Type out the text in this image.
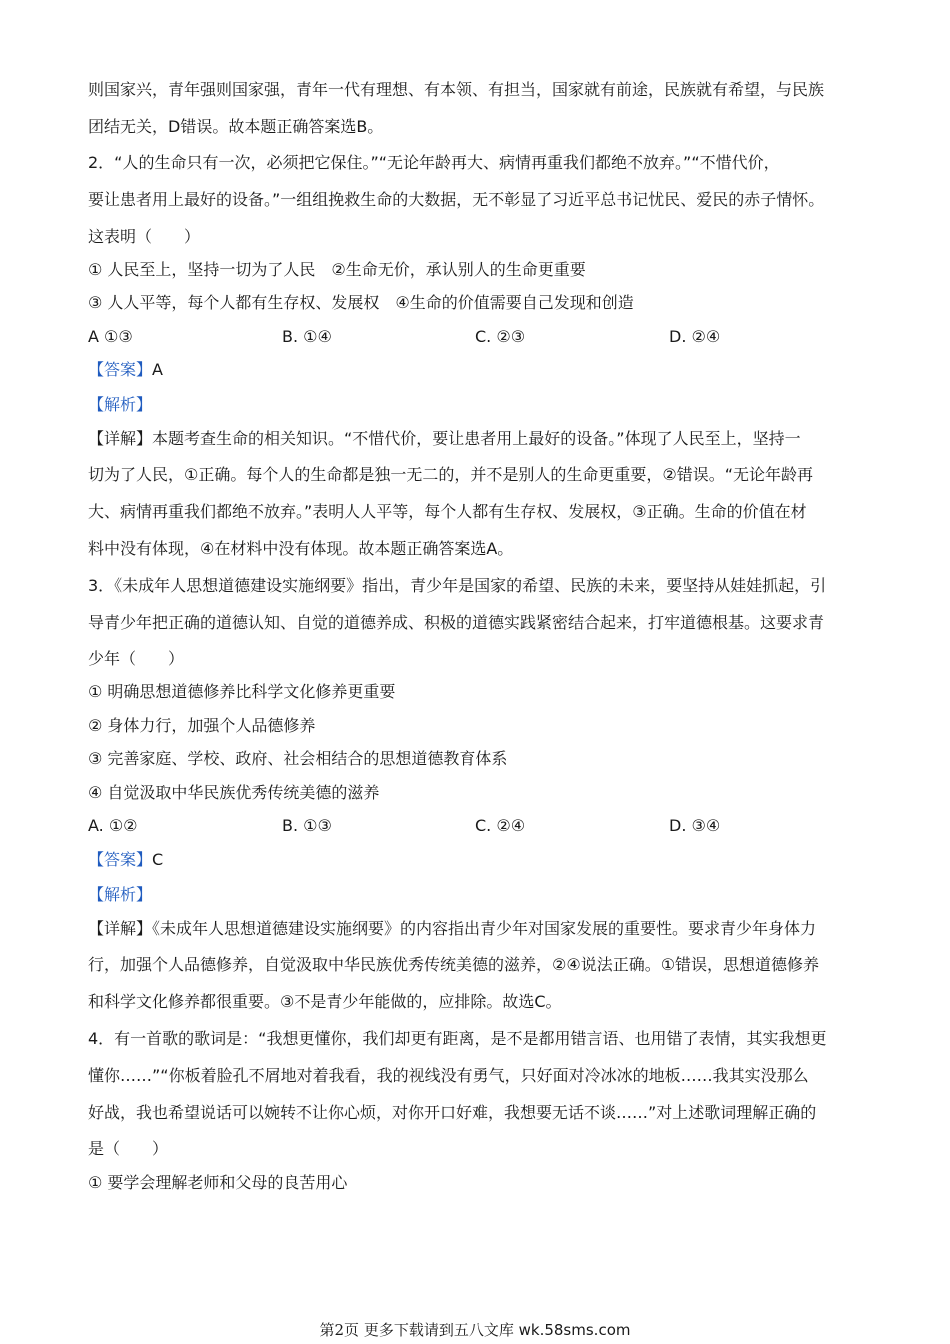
则国家兴，青年强则国家强，青年一代有理想、有本领、有担当，国家就有前途，民族就有希望，与民族
团结无关，D错误。故本题正确答案选B。
2．“人的生命只有一次，必须把它保住。”“无论年龄再大、病情再重我们都绝不放弃。”“不惜代价，
要让患者用上最好的设备。”一组组挽救生命的大数据，无不彰显了习近平总书记忧民、爱民的赤子情怀。
这表明（　　）
① 人民至上，坚持一切为了人民　②生命无价，承认别人的生命更重要
③ 人人平等，每个人都有生存权、发展权　④生命的价值需要自己发现和创造
A ①③	B. ①④	C. ②③	D. ②④
【答案】A
【解析】
【详解】本题考查生命的相关知识。“不惜代价，要让患者用上最好的设备。”体现了人民至上，坚持一
切为了人民，①正确。每个人的生命都是独一无二的，并不是别人的生命更重要，②错误。“无论年龄再
大、病情再重我们都绝不放弃。”表明人人平等，每个人都有生存权、发展权，③正确。生命的价值在材
料中没有体现，④在材料中没有体现。故本题正确答案选A。
3．《未成年人思想道德建设实施纲要》指出，青少年是国家的希望、民族的未来，要坚持从娃娃抓起，引
导青少年把正确的道德认知、自觉的道德养成、积极的道德实践紧密结合起来，打牢道德根基。这要求青
少年（　　）
① 明确思想道德修养比科学文化修养更重要
② 身体力行，加强个人品德修养
③ 完善家庭、学校、政府、社会相结合的思想道德教育体系
④ 自觉汲取中华民族优秀传统美德的滋养
A. ①②	B. ①③	C. ②④	D. ③④
【答案】C
【解析】
【详解】《未成年人思想道德建设实施纲要》的内容指出青少年对国家发展的重要性。要求青少年身体力
行，加强个人品德修养，自觉汲取中华民族优秀传统美德的滋养，②④说法正确。①错误，思想道德修养
和科学文化修养都很重要。③不是青少年能做的，应排除。故选C。
4．有一首歌的歌词是：“我想更懂你，我们却更有距离，是不是都用错言语、也用错了表情，其实我想更
懂你……”“你板着脸孔不屑地对着我看，我的视线没有勇气，只好面对冷冰冰的地板……我其实没那么
好战，我也希望说话可以婉转不让你心烦，对你开口好难，我想要无话不谈……”对上述歌词理解正确的
是（　　）
① 要学会理解老师和父母的良苦用心
第2页 更多下载请到五八文库 wk.58sms.com
